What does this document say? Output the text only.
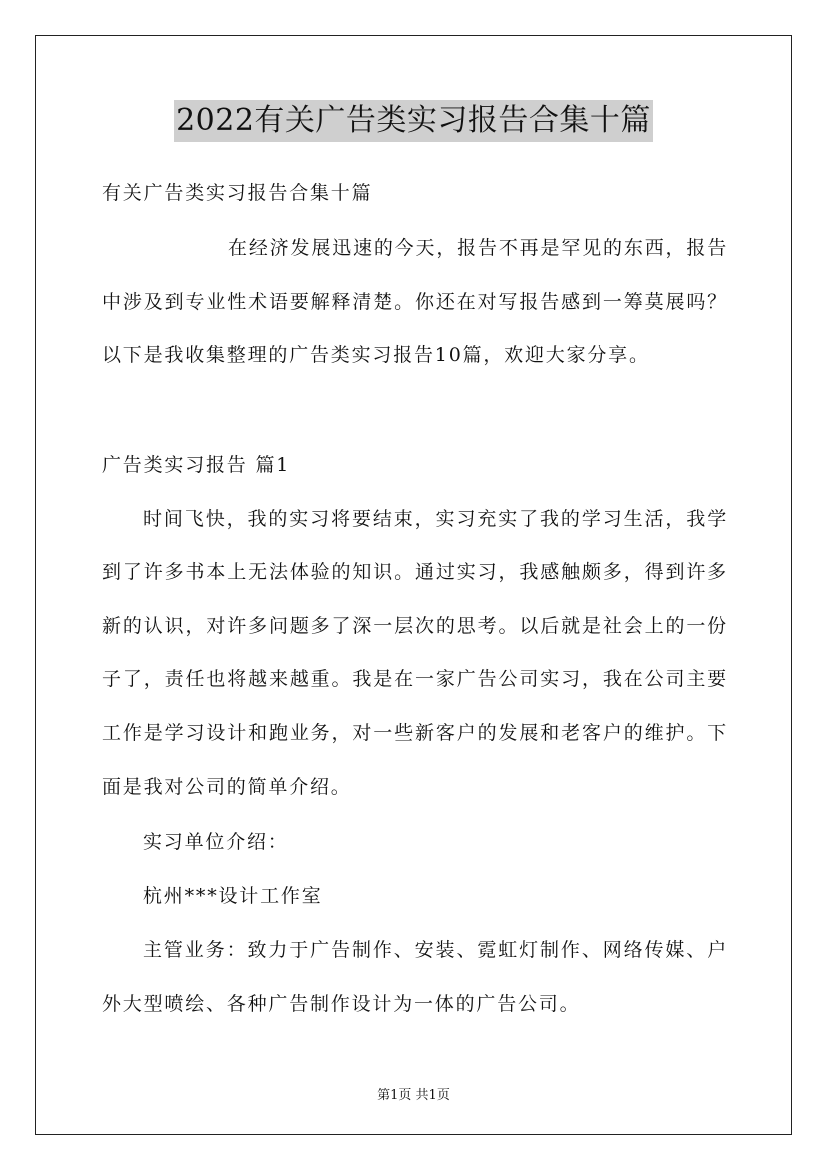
2022有关广告类实习报告合集十篇
有关广告类实习报告合集十篇
在经济发展迅速的今天，报告不再是罕见的东西，报告
中涉及到专业性术语要解释清楚。你还在对写报告感到一筹莫展吗？
以下是我收集整理的广告类实习报告10篇，欢迎大家分享。
广告类实习报告 篇1
时间飞快，我的实习将要结束，实习充实了我的学习生活，我学
到了许多书本上无法体验的知识。通过实习，我感触颇多，得到许多
新的认识，对许多问题多了深一层次的思考。以后就是社会上的一份
子了，责任也将越来越重。我是在一家广告公司实习，我在公司主要
工作是学习设计和跑业务，对一些新客户的发展和老客户的维护。下
面是我对公司的简单介绍。
实习单位介绍：
杭州***设计工作室
主管业务：致力于广告制作、安装、霓虹灯制作、网络传媒、户
外大型喷绘、各种广告制作设计为一体的广告公司。
第1页 共1页
